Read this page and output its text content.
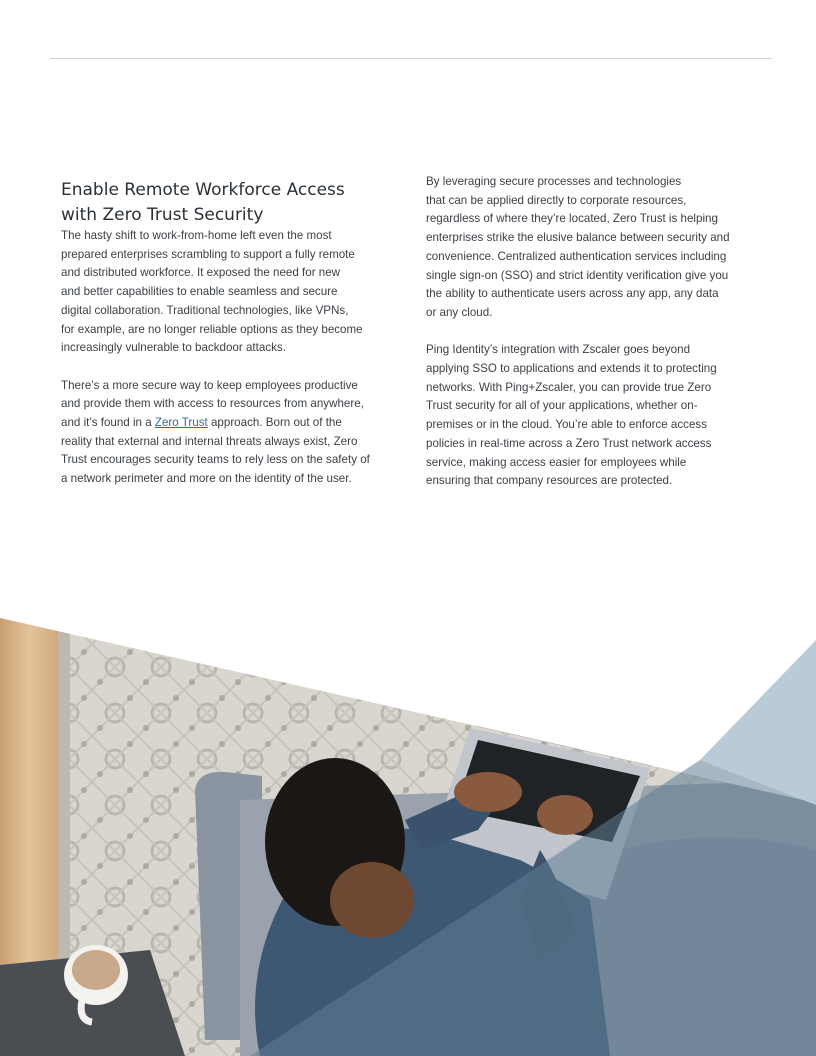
Enable Remote Workforce Access
with Zero Trust Security

The hasty shift to work-from-home left even the most
prepared enterprises scrambling to support a fully remote
and distributed workforce. It exposed the need for new
and better capabilities to enable seamless and secure
digital collaboration. Traditional technologies, like VPNs,
for example, are no longer reliable options as they become
increasingly vulnerable to backdoor attacks.

There’s a more secure way to keep employees productive
and provide them with access to resources from anywhere,
and it’s found in a Zero Trust approach. Born out of the
reality that external and internal threats always exist, Zero
Trust encourages security teams to rely less on the safety of
a network perimeter and more on the identity of the user.

By leveraging secure processes and technologies
that can be applied directly to corporate resources,
regardless of where they’re located, Zero Trust is helping
enterprises strike the elusive balance between security and
convenience. Centralized authentication services including
single sign-on (SSO) and strict identity verification give you
the ability to authenticate users across any app, any data
or any cloud.

Ping Identity’s integration with Zscaler goes beyond
applying SSO to applications and extends it to protecting
networks. With Ping+Zscaler, you can provide true Zero
Trust security for all of your applications, whether on-
premises or in the cloud. You’re able to enforce access
policies in real-time across a Zero Trust network access
service, making access easier for employees while
ensuring that company resources are protected.
